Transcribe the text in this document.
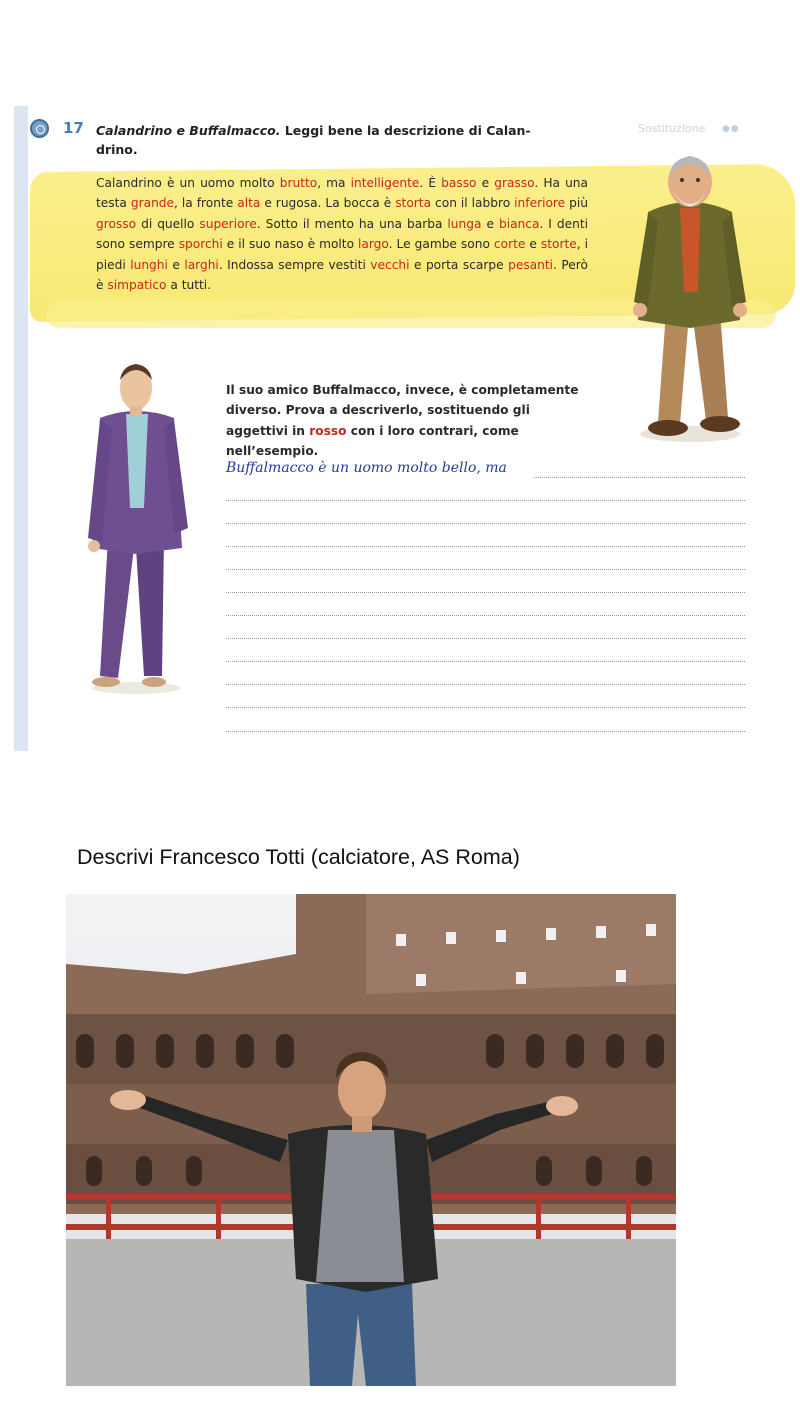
17 Calandrino e Buffalmacco. Leggi bene la descrizione di Calan-drino.
Sostituzione ●●
Calandrino è un uomo molto brutto, ma intelligente. È basso e grasso. Ha una testa grande, la fronte alta e rugosa. La bocca è storta con il labbro inferiore più grosso di quello superiore. Sotto il mento ha una barba lunga e bianca. I denti sono sempre sporchi e il suo naso è molto largo. Le gambe sono corte e storte, i piedi lunghi e larghi. Indossa sempre vestiti vecchi e porta scarpe pesanti. Però è simpatico a tutti.
Il suo amico Buffalmacco, invece, è completamente diverso. Prova a descriverlo, sostituendo gli aggettivi in rosso con i loro contrari, come nell’esempio.
Buffalmacco è un uomo molto bello, ma
Descrivi Francesco Totti (calciatore, AS Roma)
